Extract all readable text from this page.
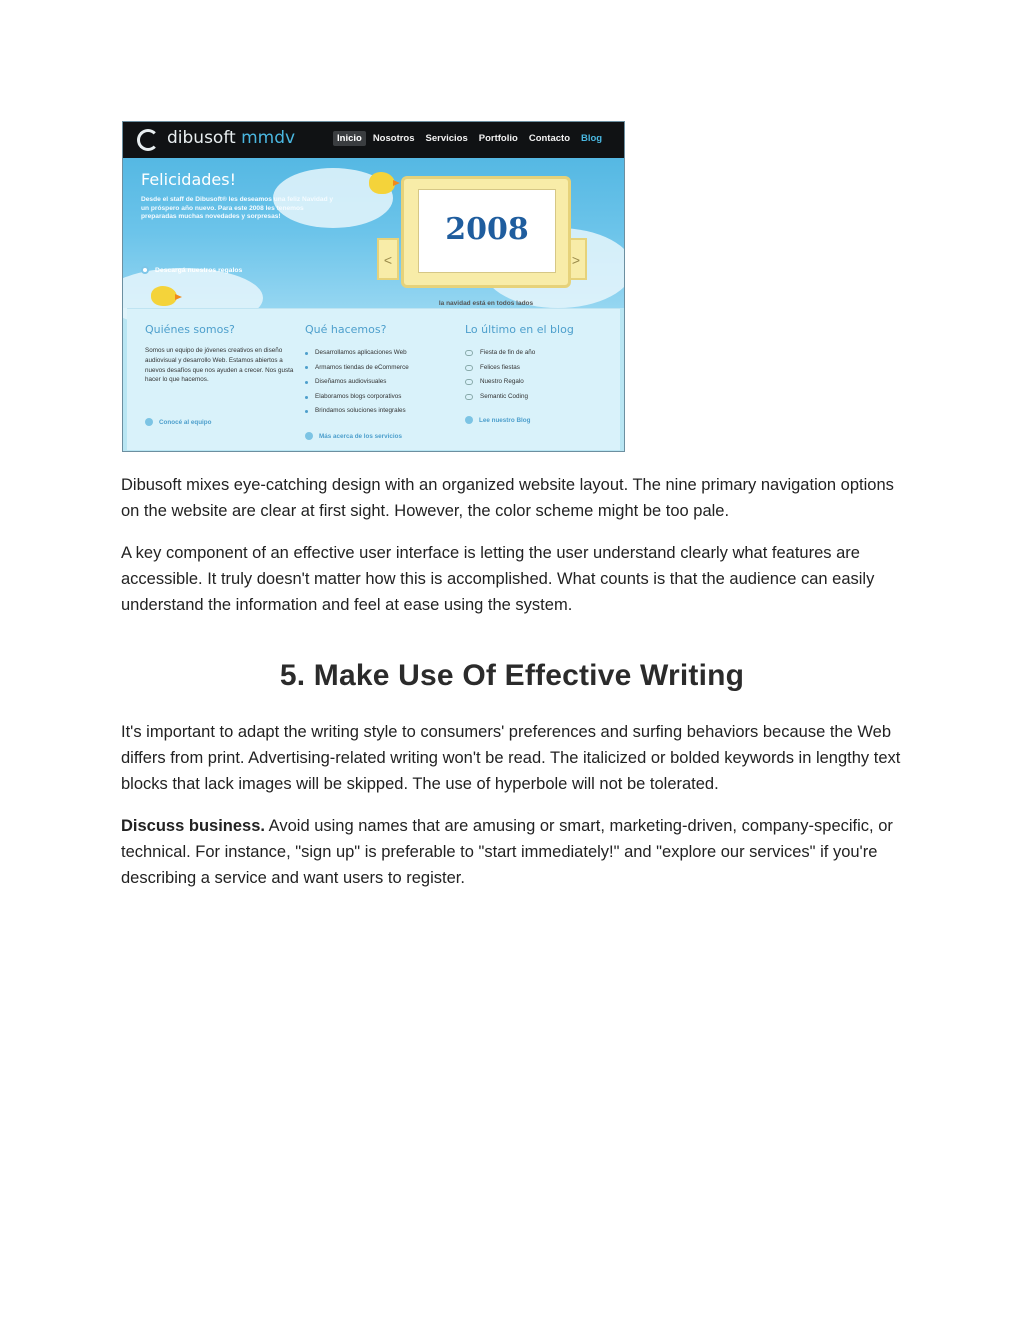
dibusoft mmdv	Inicio	Nosotros	Servicios	Portfolio	Contacto	Blog
Felicidades!
Desde el staff de Dibusoft® les deseamos una feliz Navidad y un próspero año nuevo. Para este 2008 les tenemos preparadas muchas novedades y sorpresas!
Descargá nuestros regalos
<	>
2008
la navidad está en todos lados
Quiénes somos?
Somos un equipo de jóvenes creativos en diseño audiovisual y desarrollo Web. Estamos abiertos a nuevos desafíos que nos ayuden a crecer. Nos gusta hacer lo que hacemos.
Conocé al equipo
Qué hacemos?
Desarrollamos aplicaciones Web
Armamos tiendas de eCommerce
Diseñamos audiovisuales
Elaboramos blogs corporativos
Brindamos soluciones integrales
Más acerca de los servicios
Lo último en el blog
Fiesta de fin de año
Felices fiestas
Nuestro Regalo
Semantic Coding
Lee nuestro Blog

Dibusoft mixes eye-catching design with an organized website layout. The nine primary navigation options on the website are clear at first sight. However, the color scheme might be too pale.

A key component of an effective user interface is letting the user understand clearly what features are accessible. It truly doesn't matter how this is accomplished. What counts is that the audience can easily understand the information and feel at ease using the system.

5. Make Use Of Effective Writing

It's important to adapt the writing style to consumers' preferences and surfing behaviors because the Web differs from print. Advertising-related writing won't be read. The italicized or bolded keywords in lengthy text blocks that lack images will be skipped. The use of hyperbole will not be tolerated.

Discuss business. Avoid using names that are amusing or smart, marketing-driven, company-specific, or technical. For instance, "sign up" is preferable to "start immediately!" and "explore our services" if you're describing a service and want users to register.
